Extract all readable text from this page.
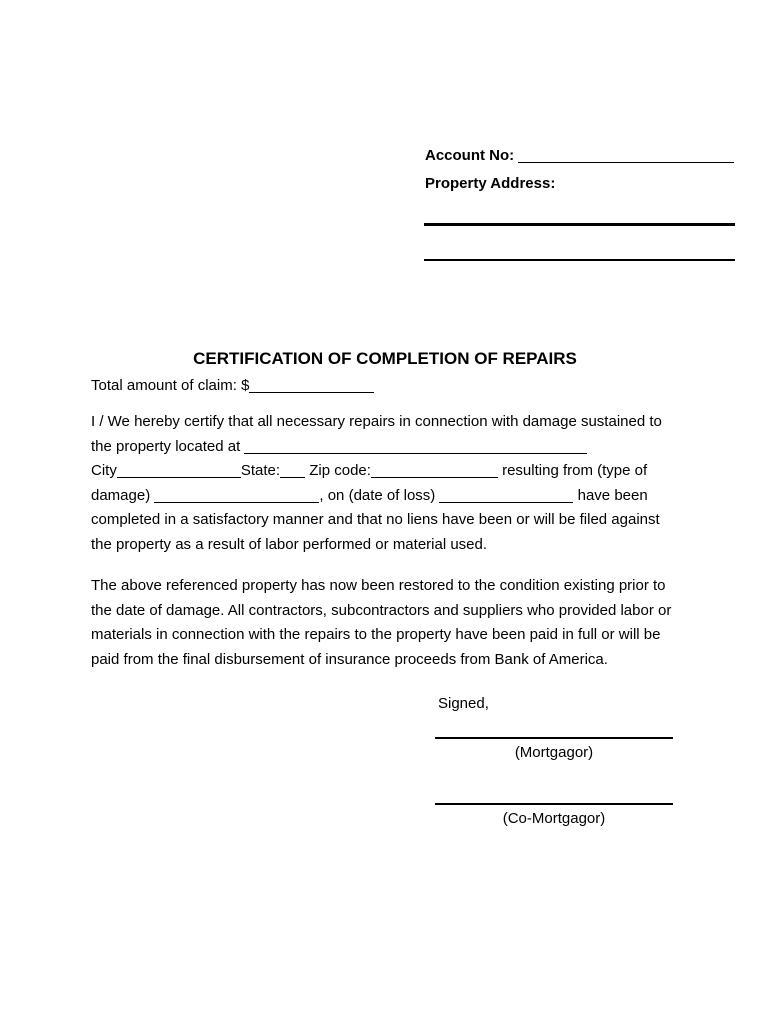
Account No:
Property Address:
CERTIFICATION OF COMPLETION OF REPAIRS
Total amount of claim: $

I / We hereby certify that all necessary repairs in connection with damage sustained to the property located at  City	State: Zip code:	resulting from (type of damage)	, on (date of loss)	have been completed in a satisfactory manner and that no liens have been or will be filed against the property as a result of labor performed or material used.

The above referenced property has now been restored to the condition existing prior to the date of damage. All contractors, subcontractors and suppliers who provided labor or materials in connection with the repairs to the property have been paid in full or will be paid from the final disbursement of insurance proceeds from Bank of America.

Signed,
(Mortgagor)
(Co-Mortgagor)
